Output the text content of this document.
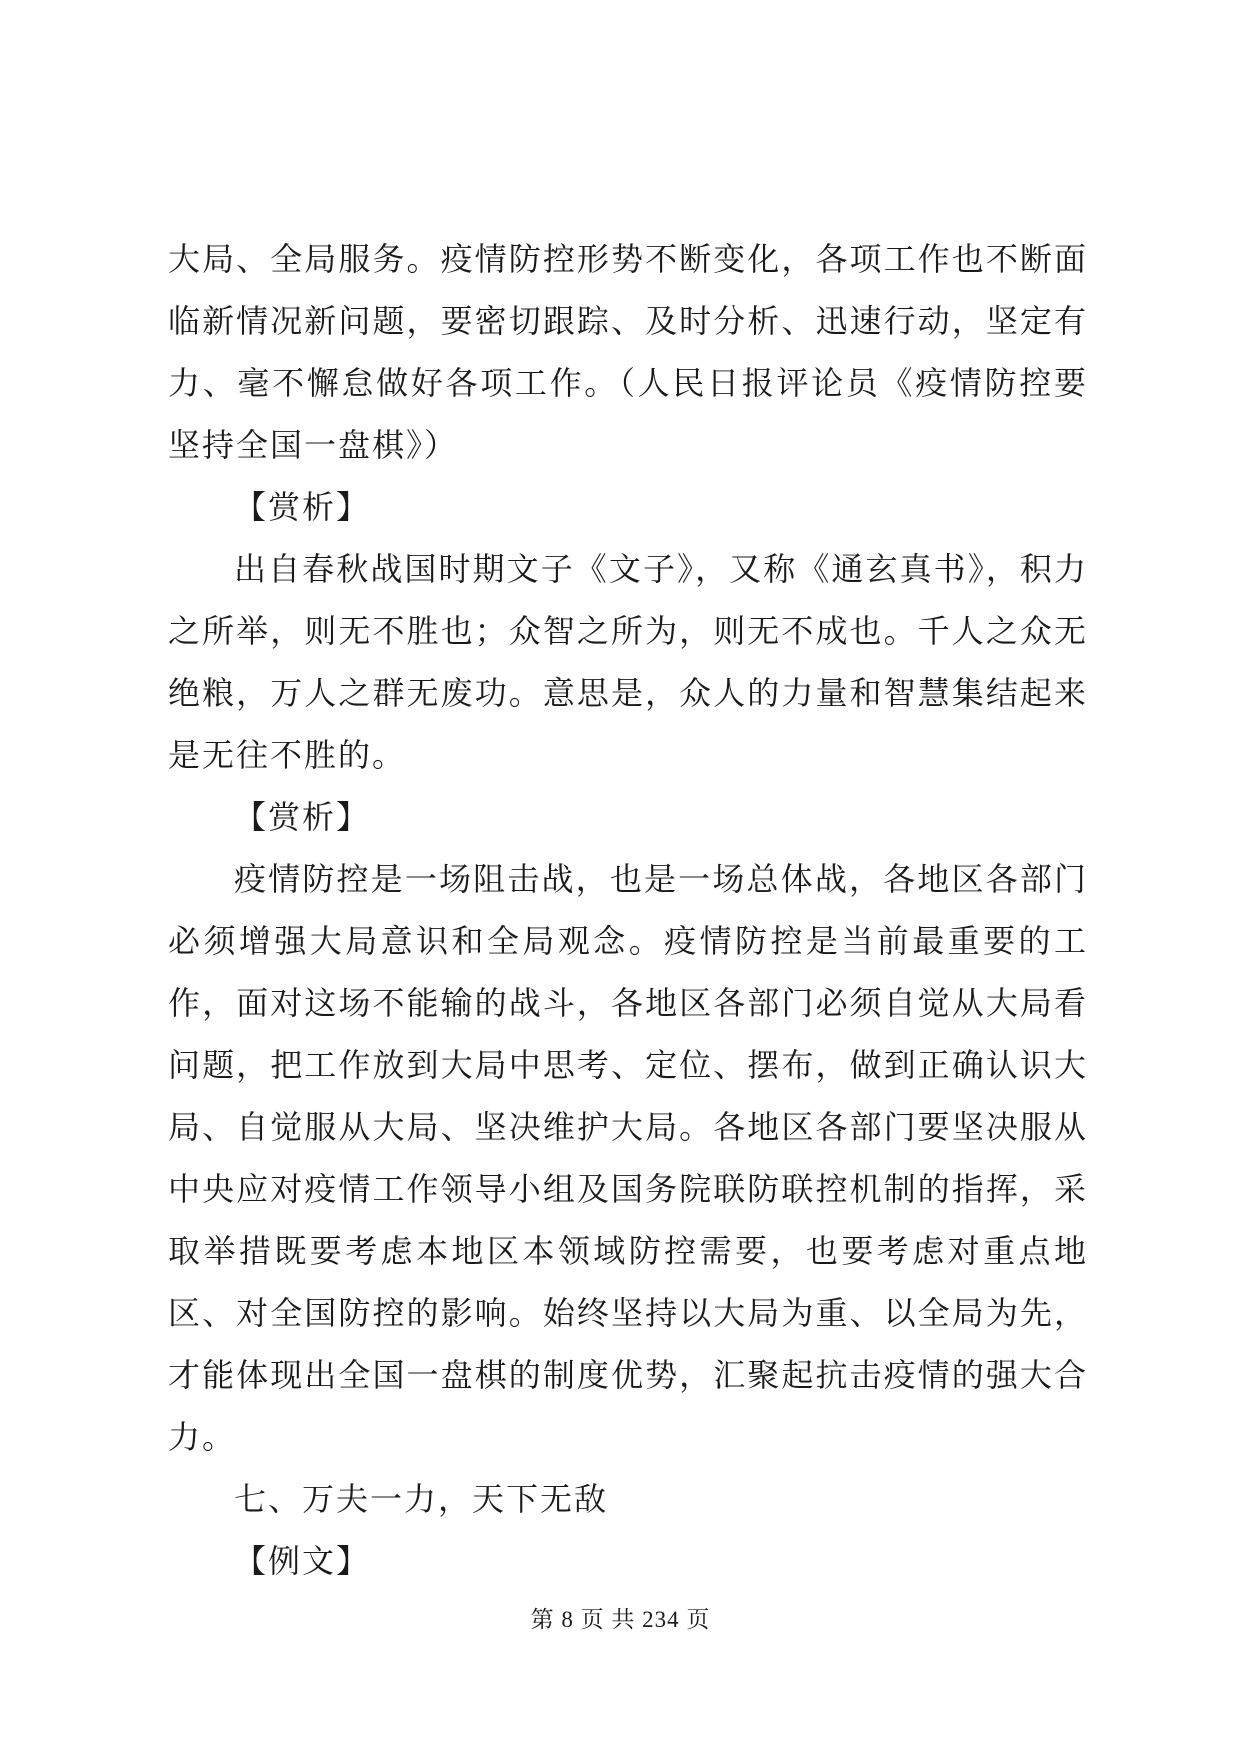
大局、全局服务。疫情防控形势不断变化，各项工作也不断面临新情况新问题，要密切跟踪、及时分析、迅速行动，坚定有力、毫不懈怠做好各项工作。（人民日报评论员《疫情防控要坚持全国一盘棋》）

【赏析】

出自春秋战国时期文子《文子》，又称《通玄真书》，积力之所举，则无不胜也；众智之所为，则无不成也。千人之众无绝粮，万人之群无废功。意思是，众人的力量和智慧集结起来是无往不胜的。

【赏析】

疫情防控是一场阻击战，也是一场总体战，各地区各部门必须增强大局意识和全局观念。疫情防控是当前最重要的工作，面对这场不能输的战斗，各地区各部门必须自觉从大局看问题，把工作放到大局中思考、定位、摆布，做到正确认识大局、自觉服从大局、坚决维护大局。各地区各部门要坚决服从中央应对疫情工作领导小组及国务院联防联控机制的指挥，采取举措既要考虑本地区本领域防控需要，也要考虑对重点地区、对全国防控的影响。始终坚持以大局为重、以全局为先，才能体现出全国一盘棋的制度优势，汇聚起抗击疫情的强大合力。

七、万夫一力，天下无敌

【例文】

第 8 页 共 234 页
